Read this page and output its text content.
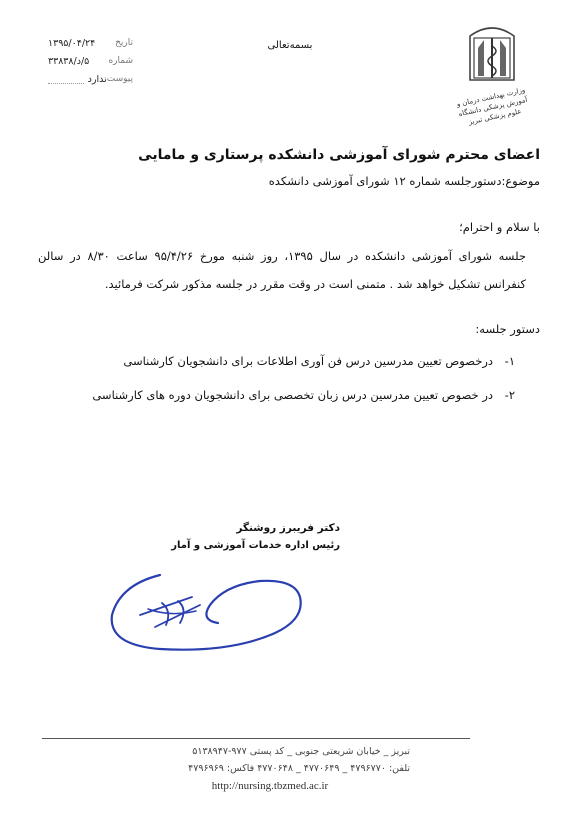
وزارت بهداشت درمان و آموزش پزشکی دانشگاه علوم پزشکی تبریز
بسمه‌تعالی
تاریخ
۱۳۹۵/۰۴/۲۴
شماره
۵/د/۳۳۸۳۸
پیوست
ندارد
اعضای محترم شورای آموزشی دانشکده پرستاری و مامایی
موضوع:دستورجلسه شماره ۱۲ شورای آموزشی دانشکده
با سلام و احترام؛
جلسه شورای آموزشی دانشکده در سال ۱۳۹۵، روز شنبه مورخ ۹۵/۴/۲۶ ساعت ۸/۳۰ در سالن کنفرانس تشکیل خواهد شد . متمنی است در وقت مقرر در جلسه مذکور شرکت فرمائید.
دستور جلسه:
۱-
درخصوص تعیین مدرسین درس فن آوری اطلاعات برای دانشجویان کارشناسی
۲-
در خصوص تعیین مدرسین درس زبان تخصصی برای دانشجویان دوره های کارشناسی
دکتر فریبرز روشنگر
رئیس اداره خدمات آموزشی و آمار
تبریز _ خیابان شریعتی جنوبی _ کد پستی ۹۷۷-۵۱۳۸۹۴۷
تلفن: ۴۷۹۶۷۷۰ _ ۴۷۷۰۶۴۹ _ ۴۷۷۰۶۴۸ فاکس: ۴۷۹۶۹۶۹
http://nursing.tbzmed.ac.ir
